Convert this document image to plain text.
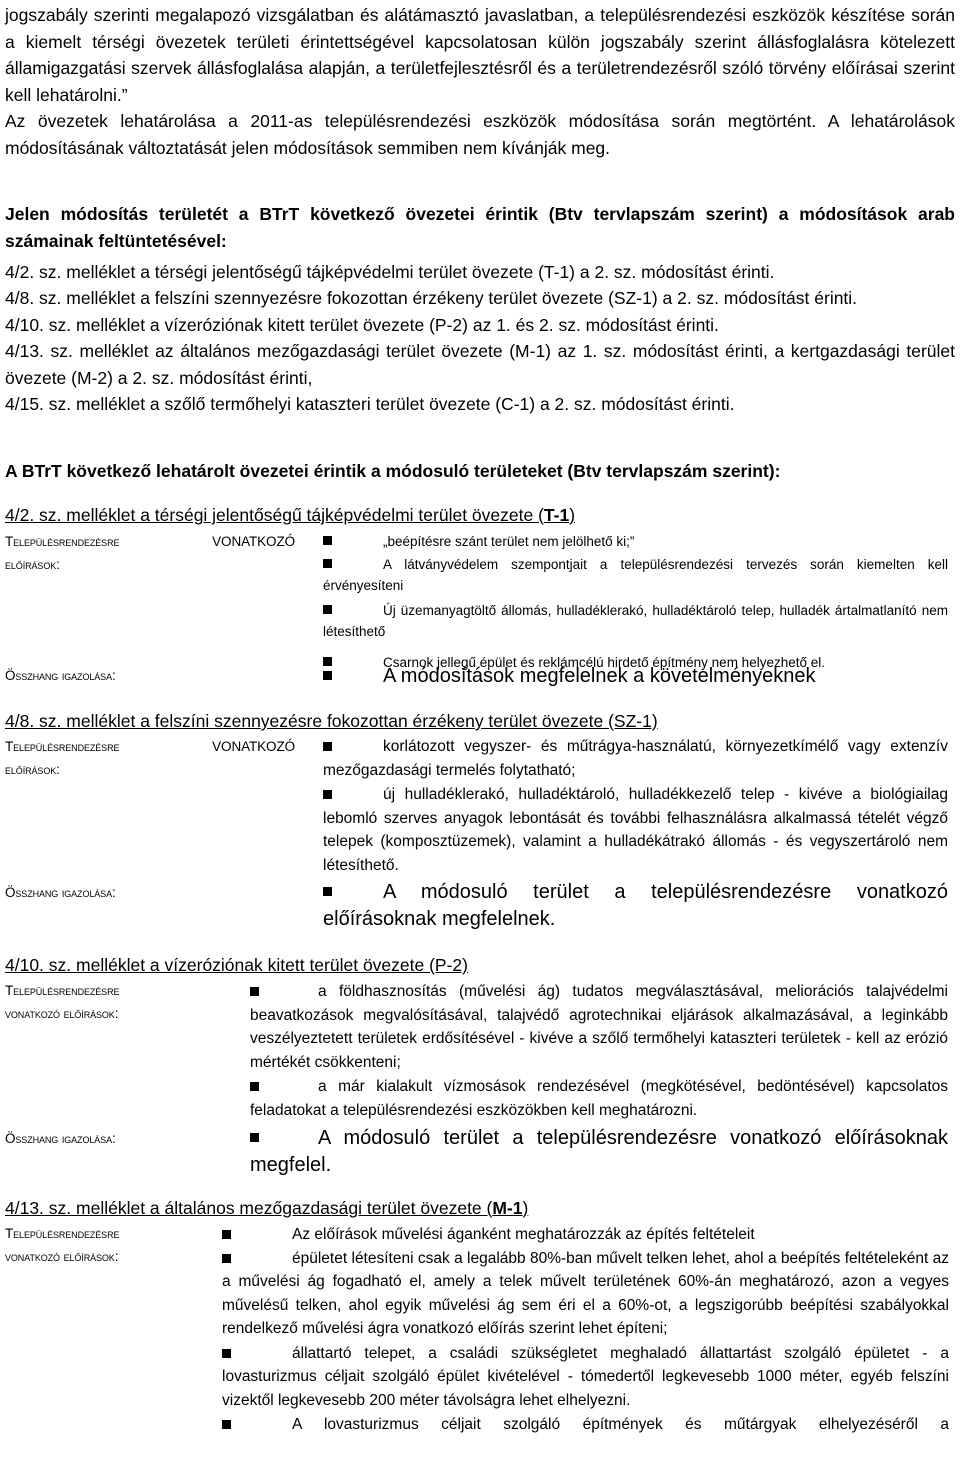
jogszabály szerinti megalapozó vizsgálatban és alátámasztó javaslatban, a településrendezési eszközök készítése során a kiemelt térségi övezetek területi érintettségével kapcsolatosan külön jogszabály szerint állásfoglalásra kötelezett államigazgatási szervek állásfoglalása alapján, a területfejlesztésről és a területrendezésről szóló törvény előírásai szerint kell lehatárolni.”

Az övezetek lehatárolása a 2011-as településrendezési eszközök módosítása során megtörtént. A lehatárolások módosításának változtatását jelen módosítások semmiben nem kívánják meg.

Jelen módosítás területét a BTrT következő övezetei érintik (Btv tervlapszám szerint) a módosítások arab számainak feltüntetésével:
4/2. sz. melléklet a térségi jelentőségű tájképvédelmi terület övezete (T-1) a 2. sz. módosítást érinti.
4/8. sz. melléklet a felszíni szennyezésre fokozottan érzékeny terület övezete (SZ-1) a 2. sz. módosítást érinti.
4/10. sz. melléklet a vízeróziónak kitett terület övezete (P-2) az 1. és 2. sz. módosítást érinti.
4/13. sz. melléklet az általános mezőgazdasági terület övezete (M-1) az 1. sz. módosítást érinti, a kertgazdasági terület övezete (M-2) a 2. sz. módosítást érinti,
4/15. sz. melléklet a szőlő termőhelyi kataszteri terület övezete (C-1) a 2. sz. módosítást érinti.
A BTrT következő lehatárolt övezetei érintik a módosuló területeket (Btv tervlapszám szerint):
4/2. sz. melléklet a térségi jelentőségű tájképvédelmi terület övezete (T-1)
Településrendezésre	VONATKOZÓ
előírások:
„beépítésre szánt terület nem jelölhető ki;”
A látványvédelem szempontjait a településrendezési tervezés során kiemelten kell érvényesíteni
Új üzemanyagtöltő állomás, hulladéklerakó, hulladéktároló telep, hulladék ártalmatlanító nem létesíthető
Csarnok jellegű épület és reklámcélú hirdető építmény nem helyezhető el.
Összhang igazolása:	A módosítások megfelelnek a követelményeknek
4/8. sz. melléklet a felszíni szennyezésre fokozottan érzékeny terület övezete (SZ-1)
Településrendezésre	VONATKOZÓ
előírások:
korlátozott vegyszer- és műtrágya-használatú, környezetkímélő vagy extenzív mezőgazdasági termelés folytatható;
új hulladéklerakó, hulladéktároló, hulladékkezelő telep - kivéve a biológiailag lebomló szerves anyagok lebontását és további felhasználásra alkalmassá tételét végző telepek (komposztüzemek), valamint a hulladékátrakó állomás - és vegyszertároló nem létesíthető.
Összhang igazolása:	A módosuló terület a településrendezésre vonatkozó előírásoknak megfelelnek.
4/10. sz. melléklet a vízeróziónak kitett terület övezete (P-2)
Településrendezésre
vonatkozó előírások:
a földhasznosítás (művelési ág) tudatos megválasztásával, meliorációs talajvédelmi beavatkozások megvalósításával, talajvédő agrotechnikai eljárások alkalmazásával, a leginkább veszélyeztetett területek erdősítésével - kivéve a szőlő termőhelyi kataszteri területek - kell az erózió mértékét csökkenteni;
a már kialakult vízmosások rendezésével (megkötésével, bedöntésével) kapcsolatos feladatokat a településrendezési eszközökben kell meghatározni.
Összhang igazolása:	A módosuló terület a településrendezésre vonatkozó előírásoknak megfelel.
4/13. sz. melléklet a általános mezőgazdasági terület övezete (M-1)
Településrendezésre
vonatkozó előírások:
Az előírások művelési áganként meghatározzák az építés feltételeit
épületet létesíteni csak a legalább 80%-ban művelt telken lehet, ahol a beépítés feltételeként az a művelési ág fogadható el, amely a telek művelt területének 60%-án meghatározó, azon a vegyes művelésű telken, ahol egyik művelési ág sem éri el a 60%-ot, a legszigorúbb beépítési szabályokkal rendelkező művelési ágra vonatkozó előírás szerint lehet építeni;
állattartó telepet, a családi szükségletet meghaladó állattartást szolgáló épületet - a lovasturizmus céljait szolgáló épület kivételével - tómedertől legkevesebb 1000 méter, egyéb felszíni vizektől legkevesebb 200 méter távolságra lehet elhelyezni.
A lovasturizmus céljait szolgáló építmények és műtárgyak elhelyezéséről a
